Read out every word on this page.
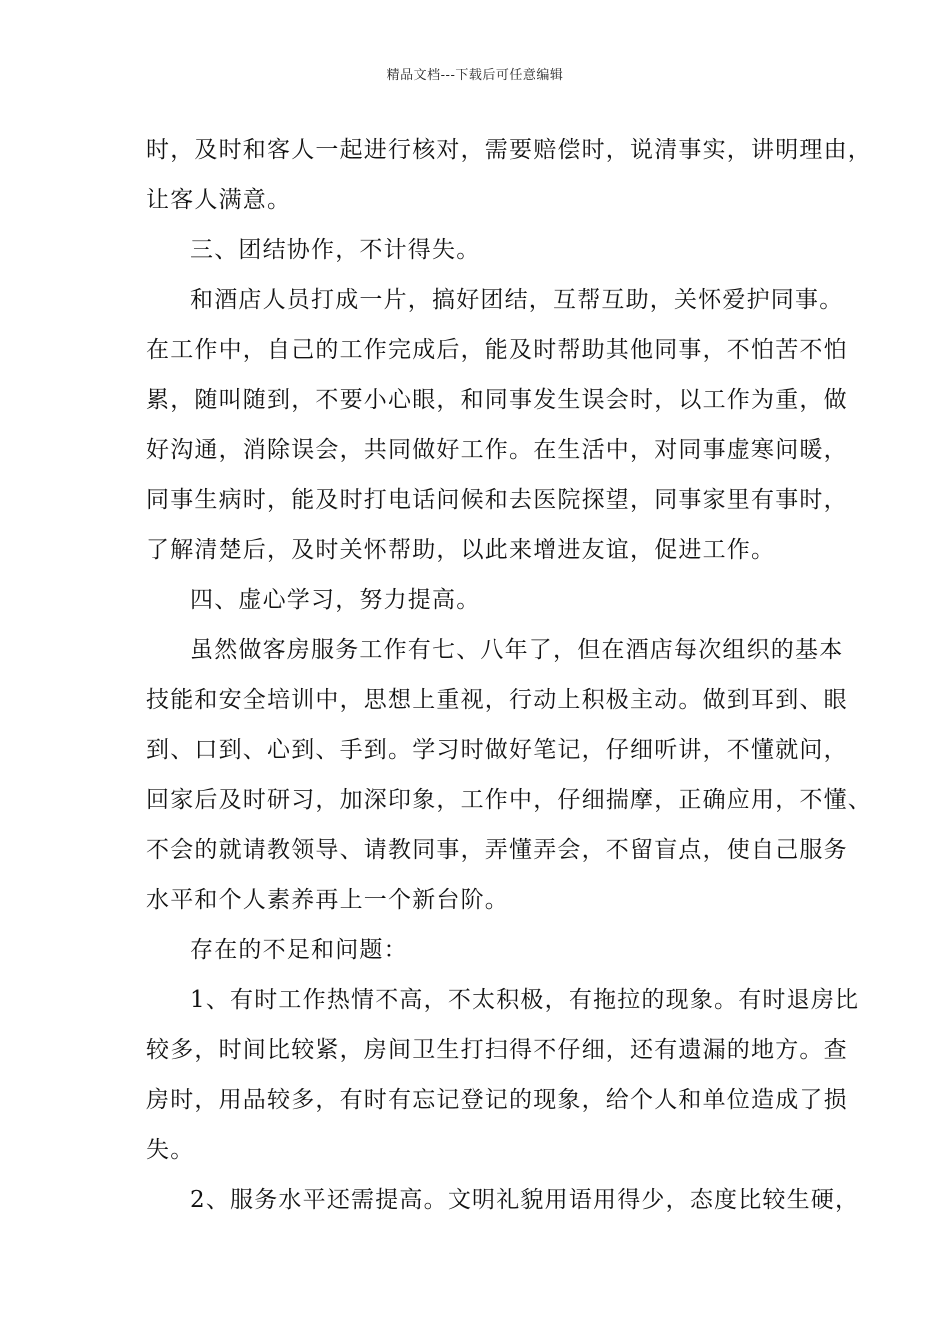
精品文档---下载后可任意编辑
时，及时和客人一起进行核对，需要赔偿时，说清事实，讲明理由，
让客人满意。
三、团结协作，不计得失。
和酒店人员打成一片，搞好团结，互帮互助，关怀爱护同事。
在工作中，自己的工作完成后，能及时帮助其他同事，不怕苦不怕
累，随叫随到，不要小心眼，和同事发生误会时，以工作为重，做
好沟通，消除误会，共同做好工作。在生活中，对同事虚寒问暖，
同事生病时，能及时打电话问候和去医院探望，同事家里有事时，
了解清楚后，及时关怀帮助，以此来增进友谊，促进工作。
四、虚心学习，努力提高。
虽然做客房服务工作有七、八年了，但在酒店每次组织的基本
技能和安全培训中，思想上重视，行动上积极主动。做到耳到、眼
到、口到、心到、手到。学习时做好笔记，仔细听讲，不懂就问，
回家后及时研习，加深印象，工作中，仔细揣摩，正确应用，不懂、
不会的就请教领导、请教同事，弄懂弄会，不留盲点，使自己服务
水平和个人素养再上一个新台阶。
存在的不足和问题：
1、有时工作热情不高，不太积极，有拖拉的现象。有时退房比
较多，时间比较紧，房间卫生打扫得不仔细，还有遗漏的地方。查
房时，用品较多，有时有忘记登记的现象，给个人和单位造成了损
失。
2、服务水平还需提高。文明礼貌用语用得少，态度比较生硬，
